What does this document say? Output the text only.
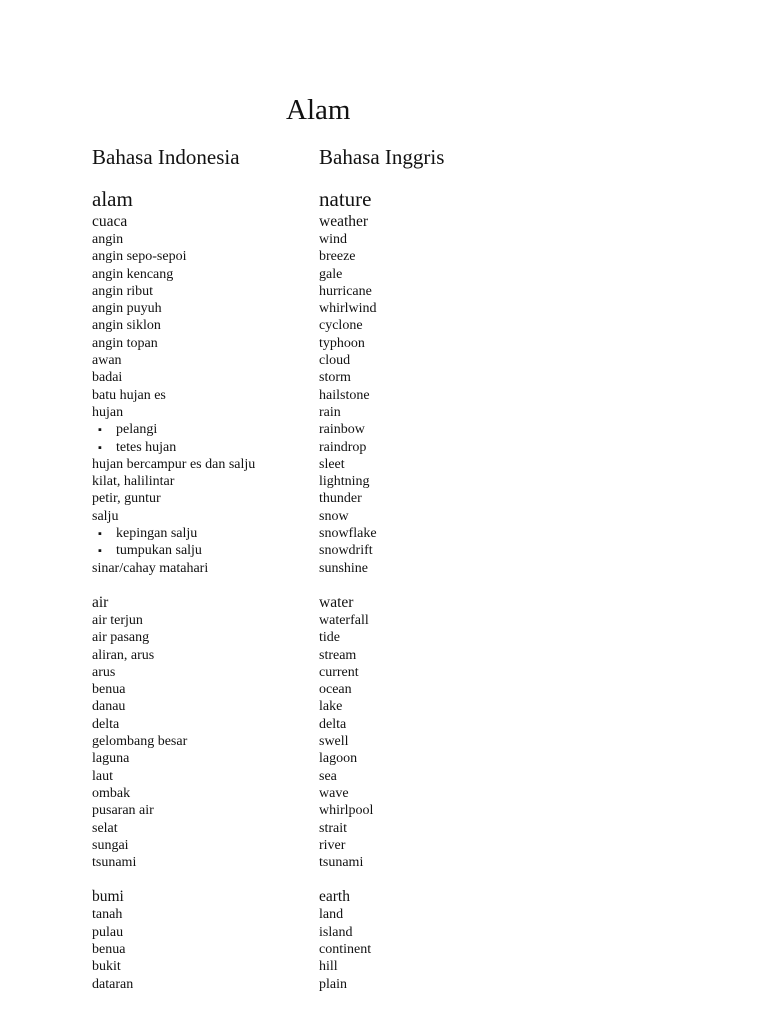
Alam
Bahasa Indonesia	Bahasa Inggris
alam	nature
cuaca	weather
angin	wind
angin sepo-sepoi	breeze
angin kencang	gale
angin ribut	hurricane
angin puyuh	whirlwind
angin siklon	cyclone
angin topan	typhoon
awan	cloud
badai	storm
batu hujan es	hailstone
hujan	rain
▪ pelangi	rainbow
▪ tetes hujan	raindrop
hujan bercampur es dan salju	sleet
kilat, halilintar	lightning
petir, guntur	thunder
salju	snow
▪ kepingan salju	snowflake
▪ tumpukan salju	snowdrift
sinar/cahay matahari	sunshine
air	water
air terjun	waterfall
air pasang	tide
aliran, arus	stream
arus	current
benua	ocean
danau	lake
delta	delta
gelombang besar	swell
laguna	lagoon
laut	sea
ombak	wave
pusaran air	whirlpool
selat	strait
sungai	river
tsunami	tsunami
bumi	earth
tanah	land
pulau	island
benua	continent
bukit	hill
dataran	plain
